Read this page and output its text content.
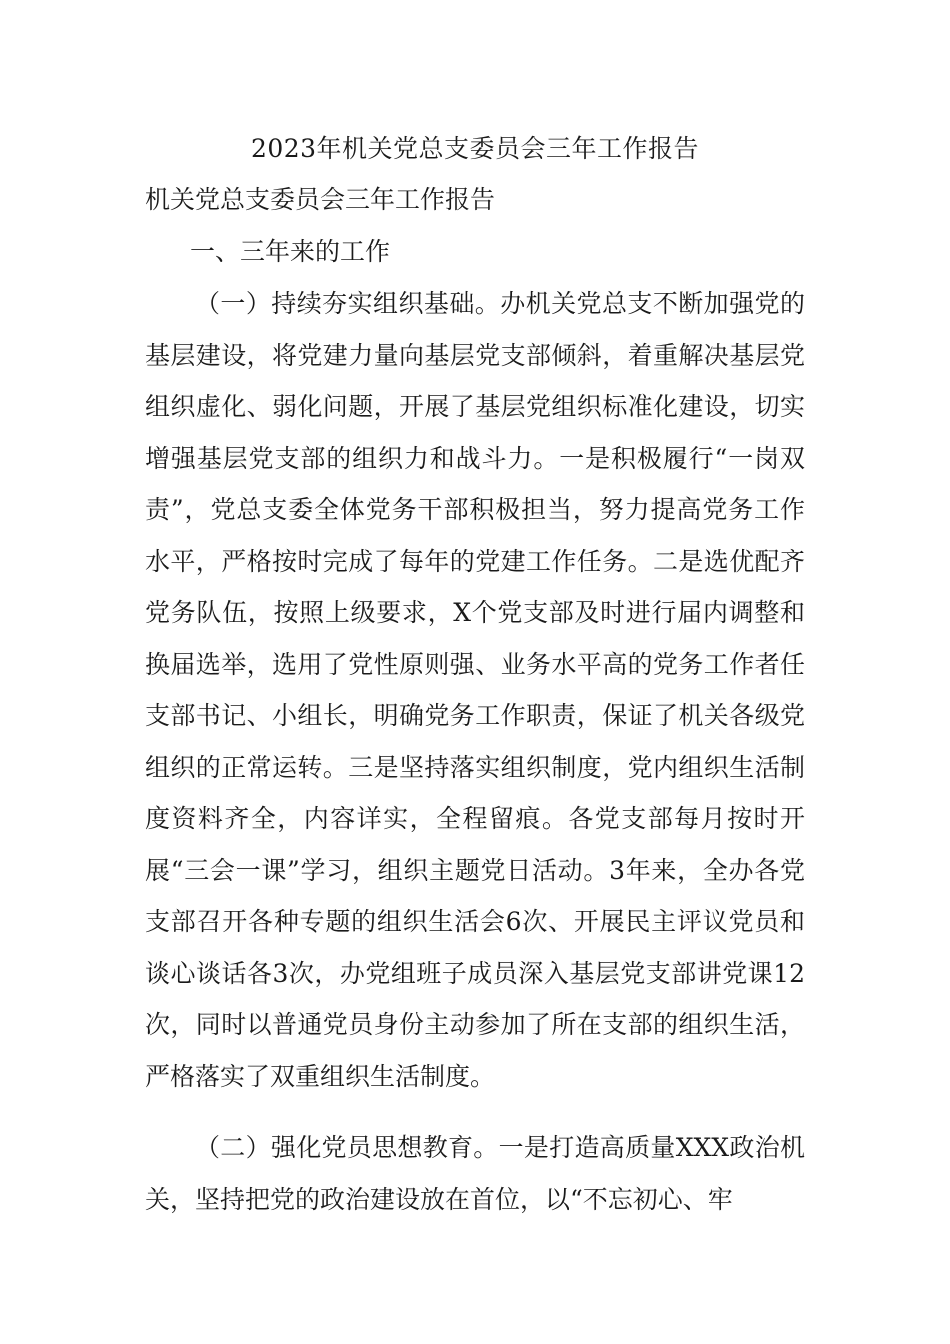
2023年机关党总支委员会三年工作报告

机关党总支委员会三年工作报告

一、三年来的工作

（一）持续夯实组织基础。办机关党总支不断加强党的基层建设，将党建力量向基层党支部倾斜，着重解决基层党组织虚化、弱化问题，开展了基层党组织标准化建设，切实增强基层党支部的组织力和战斗力。一是积极履行“一岗双责”，党总支委全体党务干部积极担当，努力提高党务工作水平，严格按时完成了每年的党建工作任务。二是选优配齐党务队伍，按照上级要求，X个党支部及时进行届内调整和换届选举，选用了党性原则强、业务水平高的党务工作者任支部书记、小组长，明确党务工作职责，保证了机关各级党组织的正常运转。三是坚持落实组织制度，党内组织生活制度资料齐全，内容详实，全程留痕。各党支部每月按时开展“三会一课”学习，组织主题党日活动。3年来，全办各党支部召开各种专题的组织生活会6次、开展民主评议党员和谈心谈话各3次，办党组班子成员深入基层党支部讲党课12次，同时以普通党员身份主动参加了所在支部的组织生活，严格落实了双重组织生活制度。

（二）强化党员思想教育。一是打造高质量XXX政治机关，坚持把党的政治建设放在首位，以“不忘初心、牢
